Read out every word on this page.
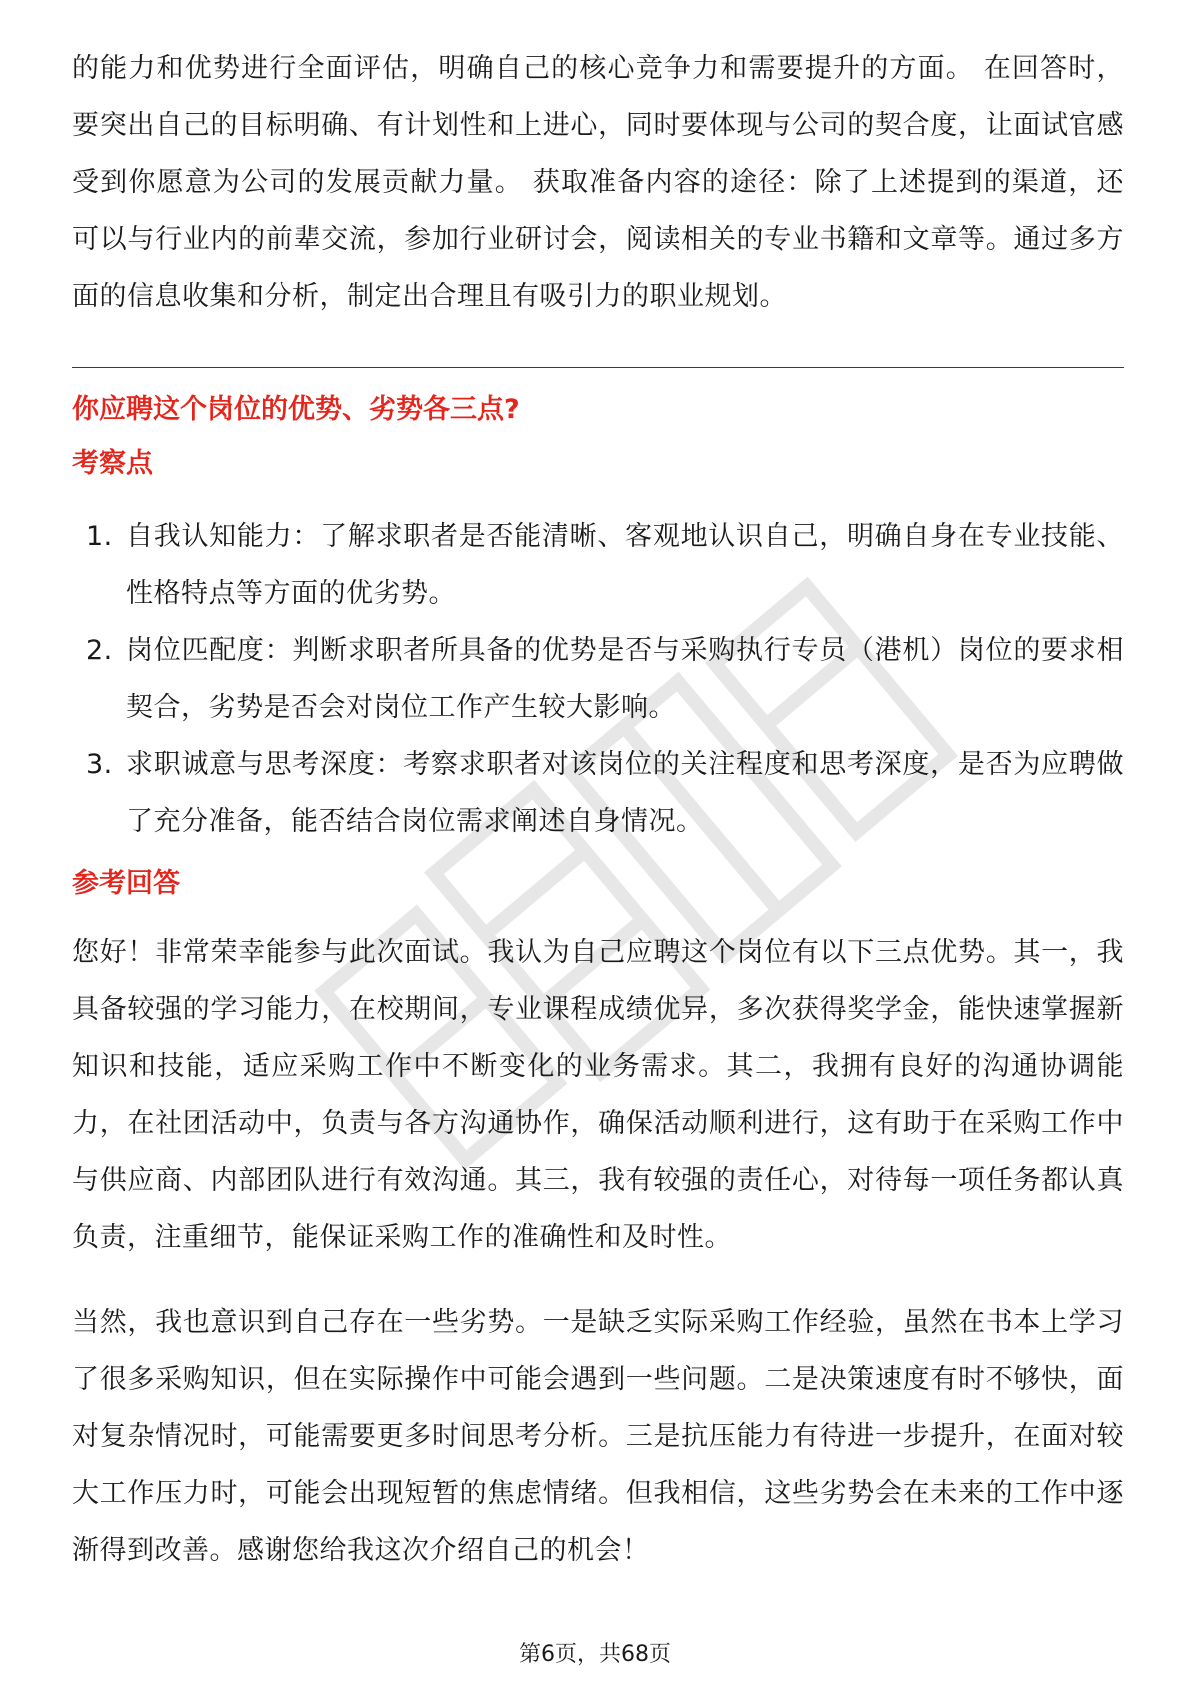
的能力和优势进行全面评估，明确自己的核心竞争力和需要提升的方面。 在回答时，要突出自己的目标明确、有计划性和上进心，同时要体现与公司的契合度，让面试官感受到你愿意为公司的发展贡献力量。 获取准备内容的途径：除了上述提到的渠道，还可以与行业内的前辈交流，参加行业研讨会，阅读相关的专业书籍和文章等。通过多方面的信息收集和分析，制定出合理且有吸引力的职业规划。

你应聘这个岗位的优势、劣势各三点?
考察点
1. 自我认知能力：了解求职者是否能清晰、客观地认识自己，明确自身在专业技能、性格特点等方面的优劣势。
2. 岗位匹配度：判断求职者所具备的优势是否与采购执行专员（港机）岗位的要求相契合，劣势是否会对岗位工作产生较大影响。
3. 求职诚意与思考深度：考察求职者对该岗位的关注程度和思考深度，是否为应聘做了充分准备，能否结合岗位需求阐述自身情况。
参考回答

您好！非常荣幸能参与此次面试。我认为自己应聘这个岗位有以下三点优势。其一，我具备较强的学习能力，在校期间，专业课程成绩优异，多次获得奖学金，能快速掌握新知识和技能，适应采购工作中不断变化的业务需求。其二，我拥有良好的沟通协调能力，在社团活动中，负责与各方沟通协作，确保活动顺利进行，这有助于在采购工作中与供应商、内部团队进行有效沟通。其三，我有较强的责任心，对待每一项任务都认真负责，注重细节，能保证采购工作的准确性和及时性。

当然，我也意识到自己存在一些劣势。一是缺乏实际采购工作经验，虽然在书本上学习了很多采购知识，但在实际操作中可能会遇到一些问题。二是决策速度有时不够快，面对复杂情况时，可能需要更多时间思考分析。三是抗压能力有待进一步提升，在面对较大工作压力时，可能会出现短暂的焦虑情绪。但我相信，这些劣势会在未来的工作中逐渐得到改善。感谢您给我这次介绍自己的机会！

第6页，共68页
